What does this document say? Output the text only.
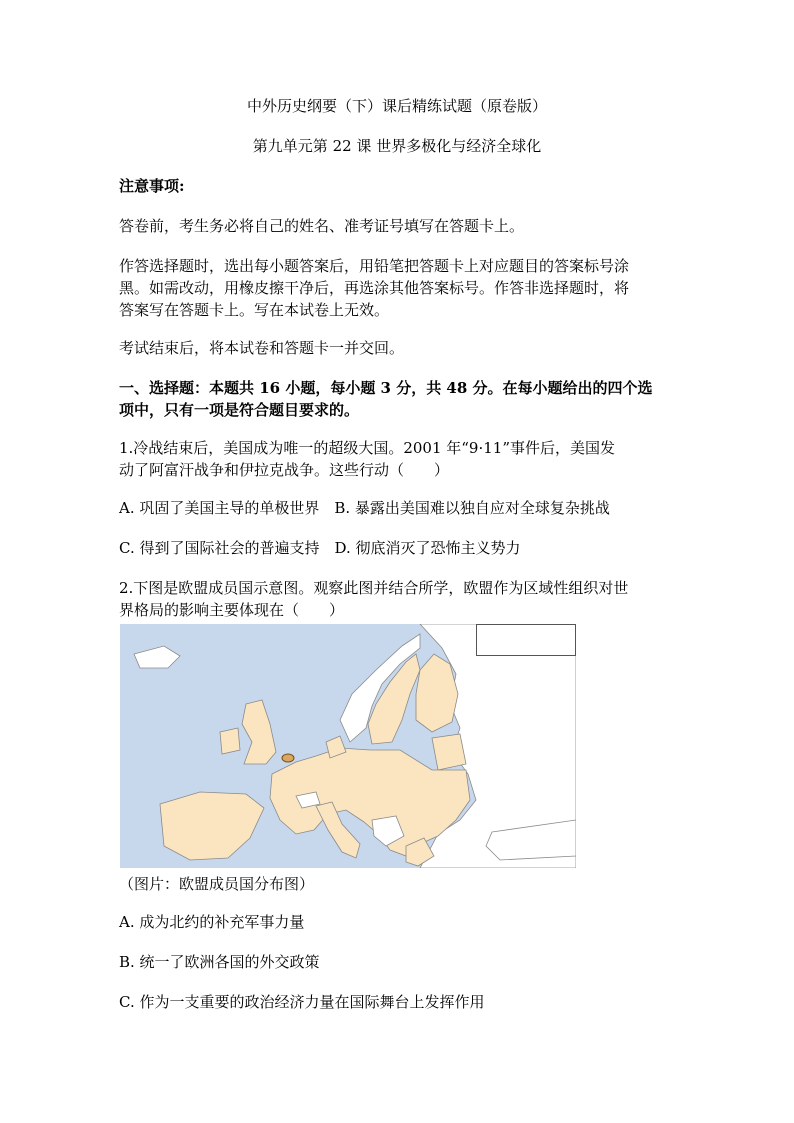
中外历史纲要（下）课后精练试题（原卷版）
第九单元第 22 课 世界多极化与经济全球化
注意事项:
答卷前，考生务必将自己的姓名、准考证号填写在答题卡上。
作答选择题时，选出每小题答案后，用铅笔把答题卡上对应题目的答案标号涂
黑。如需改动，用橡皮擦干净后，再选涂其他答案标号。作答非选择题时，将
答案写在答题卡上。写在本试卷上无效。
考试结束后，将本试卷和答题卡一并交回。
一、选择题：本题共 16 小题，每小题 3 分，共 48 分。在每小题给出的四个选
项中，只有一项是符合题目要求的。
1.冷战结束后，美国成为唯一的超级大国。2001 年“9·11”事件后，美国发
动了阿富汗战争和伊拉克战争。这些行动（　　）
A. 巩固了美国主导的单极世界　B. 暴露出美国难以独自应对全球复杂挑战
C. 得到了国际社会的普遍支持　D. 彻底消灭了恐怖主义势力
2.下图是欧盟成员国示意图。观察此图并结合所学，欧盟作为区域性组织对世
界格局的影响主要体现在（　　）
（图片：欧盟成员国分布图）
A. 成为北约的补充军事力量
B. 统一了欧洲各国的外交政策
C. 作为一支重要的政治经济力量在国际舞台上发挥作用
